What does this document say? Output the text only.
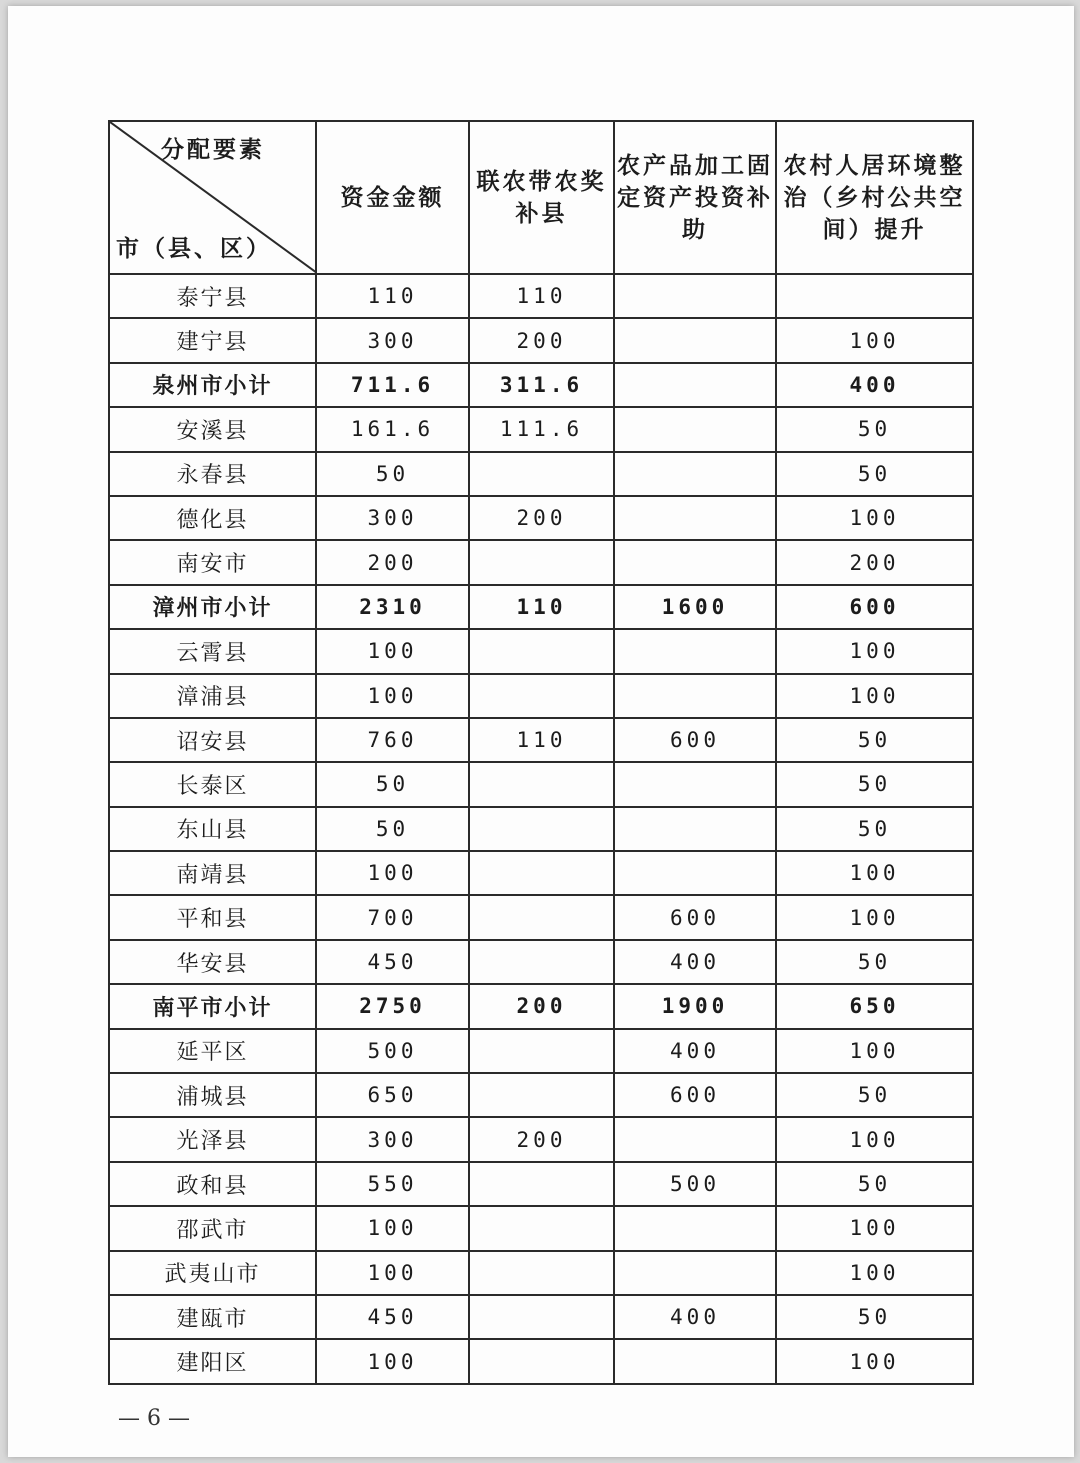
分配要素
市（县、区）	资金金额	联农带农奖补县	农产品加工固定资产投资补助	农村人居环境整治（乡村公共空间）提升
泰宁县	110	110		
建宁县	300	200		100
泉州市小计	711.6	311.6		400
安溪县	161.6	111.6		50
永春县	50			50
德化县	300	200		100
南安市	200			200
漳州市小计	2310	110	1600	600
云霄县	100			100
漳浦县	100			100
诏安县	760	110	600	50
长泰区	50			50
东山县	50			50
南靖县	100			100
平和县	700		600	100
华安县	450		400	50
南平市小计	2750	200	1900	650
延平区	500		400	100
浦城县	650		600	50
光泽县	300	200		100
政和县	550		500	50
邵武市	100			100
武夷山市	100			100
建瓯市	450		400	50
建阳区	100			100
— 6 —
